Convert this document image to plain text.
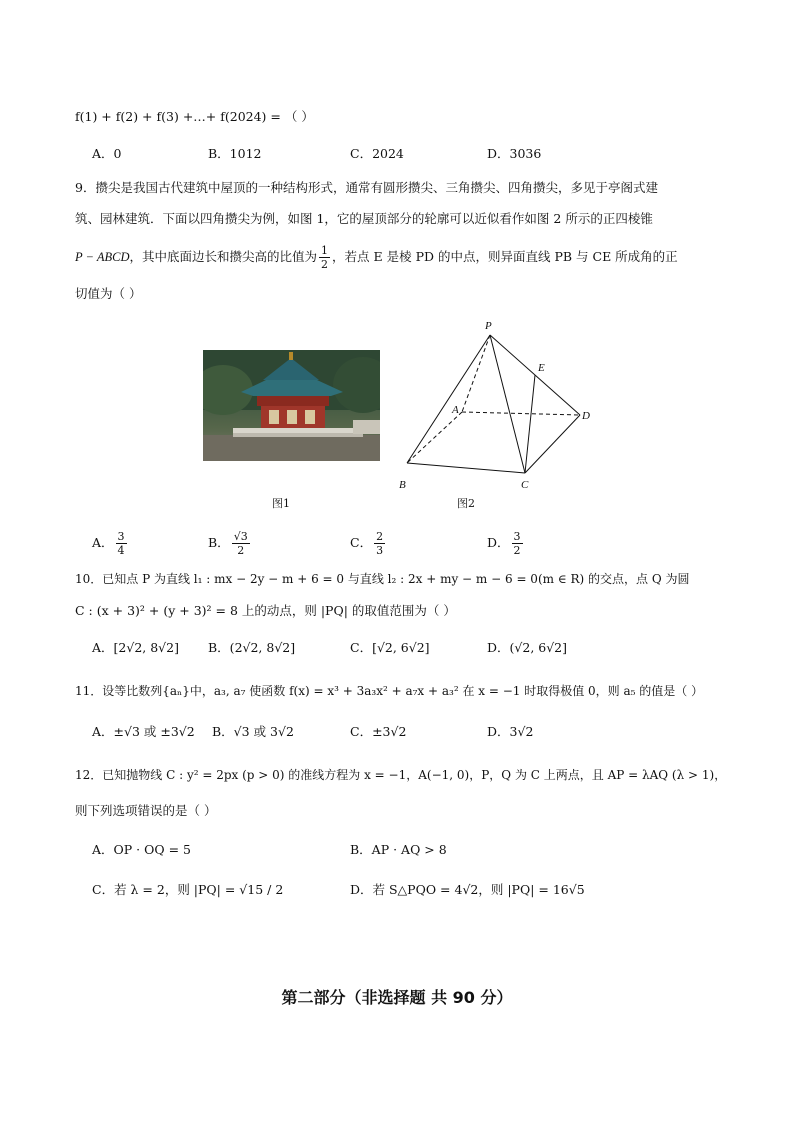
f(1) + f(2) + f(3) +…+ f(2024) = （ ）
A．0	B．1012	C．2024	D．3036
9．攒尖是我国古代建筑中屋顶的一种结构形式，通常有圆形攒尖、三角攒尖、四角攒尖，多见于亭阁式建
筑、园林建筑．下面以四角攒尖为例，如图 1，它的屋顶部分的轮廓可以近似看作如图 2 所示的正四棱锥
P − ABCD，其中底面边长和攒尖高的比值为 $\frac{1}{2}$ ，若点 E 是棱 PD 的中点，则异面直线 PB 与 CE 所成角的正
切值为（ ）
图1
P
E
A	D
B	C
图2
A． $\frac{3}{4}$	B． $\frac{√3}{2}$	C． $\frac{2}{3}$	D． $\frac{3}{2}$
10．已知点 P 为直线 l₁ : mx − 2y − m + 6 = 0 与直线 l₂ : 2x + my − m − 6 = 0(m ∈ R) 的交点，点 Q 为圆
C : (x + 3)² + (y + 3)² = 8 上的动点，则 |PQ| 的取值范围为（ ）
A．[2√2, 8√2] B．(2√2, 8√2]	C．[√2, 6√2]	D．(√2, 6√2]
11．设等比数列{aₙ}中，a₃, a₇ 使函数 f(x) = x³ + 3a₃x² + a₇x + a₃² 在 x = −1 时取得极值 0，则 a₅ 的值是（ ）
A．±√3 或 ±3√2 B．√3 或 3√2	C．±3√2	D．3√2
12．已知抛物线 C : y² = 2px (p > 0) 的准线方程为 x = −1，A(−1, 0)，P，Q 为 C 上两点，且 AP = λAQ (λ > 1)，
则下列选项错误的是（ ）
A．OP · OQ = 5	B．AP · AQ > 8
C．若 λ = 2，则 |PQ| = √15 / 2	D．若 S△PQO = 4√2，则 |PQ| = 16√5
第二部分（非选择题 共 90 分）
